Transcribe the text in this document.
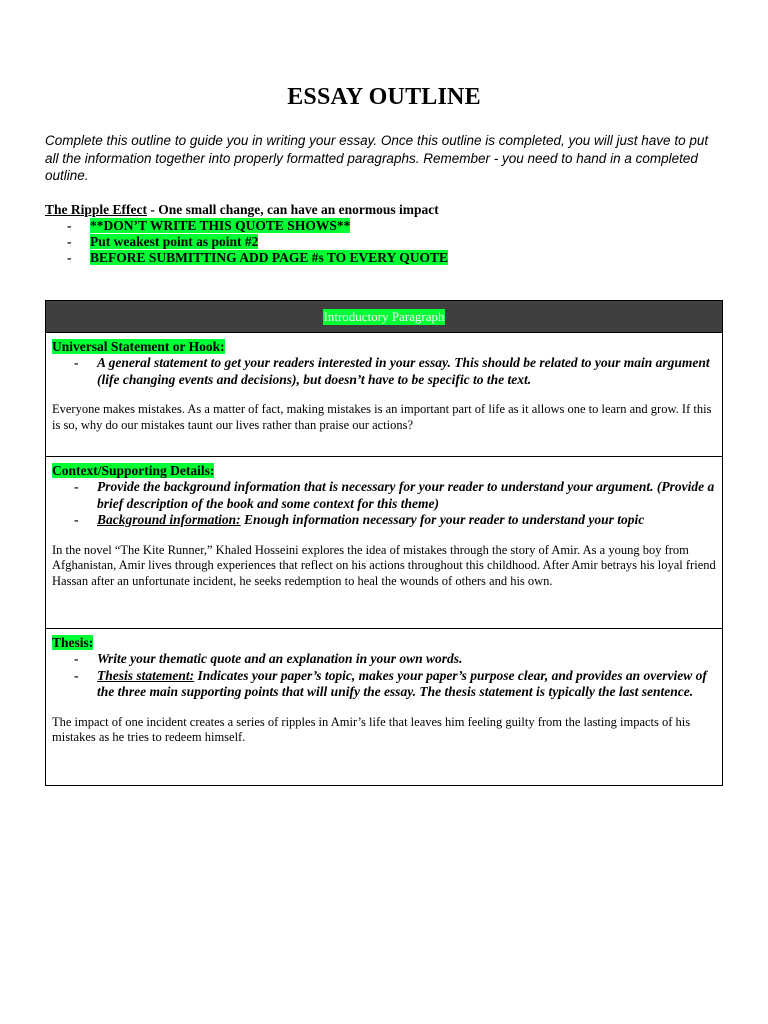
ESSAY OUTLINE
Complete this outline to guide you in writing your essay. Once this outline is completed, you will just have to put all the information together into properly formatted paragraphs. Remember - you need to hand in a completed outline.
The Ripple Effect - One small change, can have an enormous impact
- **DON’T WRITE THIS QUOTE SHOWS**
- Put weakest point as point #2
- BEFORE SUBMITTING ADD PAGE #s TO EVERY QUOTE
Introductory Paragraph
Universal Statement or Hook:
- A general statement to get your readers interested in your essay. This should be related to your main argument (life changing events and decisions), but doesn’t have to be specific to the text.
Everyone makes mistakes. As a matter of fact, making mistakes is an important part of life as it allows one to learn and grow. If this is so, why do our mistakes taunt our lives rather than praise our actions?
Context/Supporting Details:
- Provide the background information that is necessary for your reader to understand your argument. (Provide a brief description of the book and some context for this theme)
- Background information: Enough information necessary for your reader to understand your topic
In the novel “The Kite Runner,” Khaled Hosseini explores the idea of mistakes through the story of Amir. As a young boy from Afghanistan, Amir lives through experiences that reflect on his actions throughout this childhood. After Amir betrays his loyal friend Hassan after an unfortunate incident, he seeks redemption to heal the wounds of others and his own.
Thesis:
- Write your thematic quote and an explanation in your own words.
- Thesis statement: Indicates your paper’s topic, makes your paper’s purpose clear, and provides an overview of the three main supporting points that will unify the essay. The thesis statement is typically the last sentence.
The impact of one incident creates a series of ripples in Amir’s life that leaves him feeling guilty from the lasting impacts of his mistakes as he tries to redeem himself.
